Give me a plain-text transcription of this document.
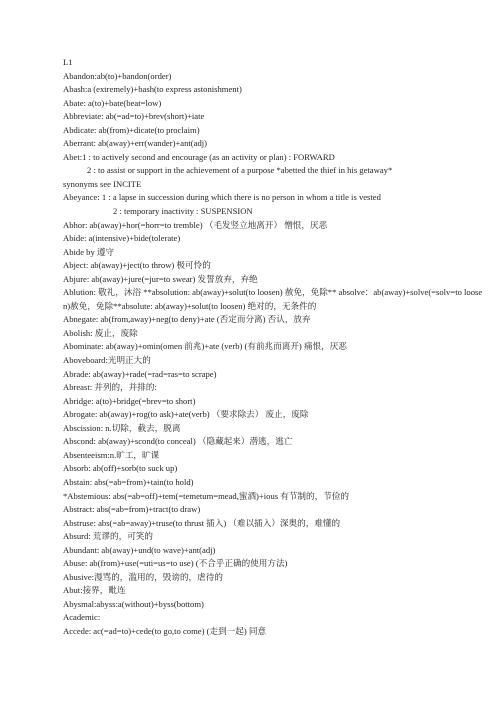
L1
Abandon:ab(to)+bandon(order)
Abash:a (extremely)+bash(to express astonishment)
Abate: a(to)+bate(beat=low)
Abbreviate: ab(=ad=to)+brev(short)+iate
Abdicate: ab(from)+dicate(to proclaim)
Aberrant: ab(away)+err(wander)+ant(adj)
Abet:1 : to actively second and encourage (as an activity or plan) : FORWARD
2 : to assist or support in the achievement of a purpose *abetted the thief in his getaway*
synonyms see INCITE
Abeyance: 1 : a lapse in succession during which there is no person in whom a title is vested
2 : temporary inactivity : SUSPENSION
Abhor: ab(away)+hor(=horr=to tremble) （毛发竖立地离开） 憎恨，厌恶
Abide: a(intensive)+bide(tolerate)
Abide by 遵守
Abject: ab(away)+ject(to throw) 极可怜的
Abjure: ab(away)+jure(=jur=to swear) 发誓放弃，弃绝
Ablution: 敬礼，沐浴 **absolution: ab(away)+solut(to loosen) 赦免，免除** absolve：ab(away)+solve(=solv=to loosen)赦免，免除**absolute: ab(away)+solut(to loosen) 绝对的，无条件的
Abnegate: ab(from,away)+neg(to deny)+ate (否定而分离) 否认，放弃
Abolish: 废止，废除
Abominate: ab(away)+omin(omen 前兆)+ate (verb) (有前兆而离开) 痛恨，厌恶
Aboveboard:光明正大的
Abrade: ab(away)+rade(=rad=ras=to scrape)
Abreast: 并列的，并排的:
Abridge: a(to)+bridge(=brev=to short)
Abrogate: ab(away)+rog(to ask)+ate(verb) （要求除去） 废止，废除
Abscission: n.切除，截去，脱离
Abscond: ab(away)+scond(to conceal) （隐藏起来）潜逃，逃亡
Absenteeism:n.旷工，旷课
Absorb: ab(off)+sorb(to suck up)
Abstain: abs(=ab=from)+tain(to hold)
*Abstemious: abs(=ab=off)+tem(=temetum=mead,蜜酒)+ious 有节制的，节俭的
Abstract: abs(=ab=from)+tract(to draw)
Abstruse: abs(=ab=away)+truse(to thrust 插入) （难以插入）深奥的，难懂的
Absurd: 荒谬的，可笑的
Abundant: ab(away)+und(to wave)+ant(adj)
Abuse: ab(from)+use(=uti=us=to use) (不合乎正确的使用方法)
Abusive:漫骂的，滥用的，毁谤的，虐待的
Abut:接界，毗连
Abysmal:abyss:a(without)+byss(bottom)
Academic:
Accede: ac(=ad=to)+cede(to go,to come) (走到一起) 同意
